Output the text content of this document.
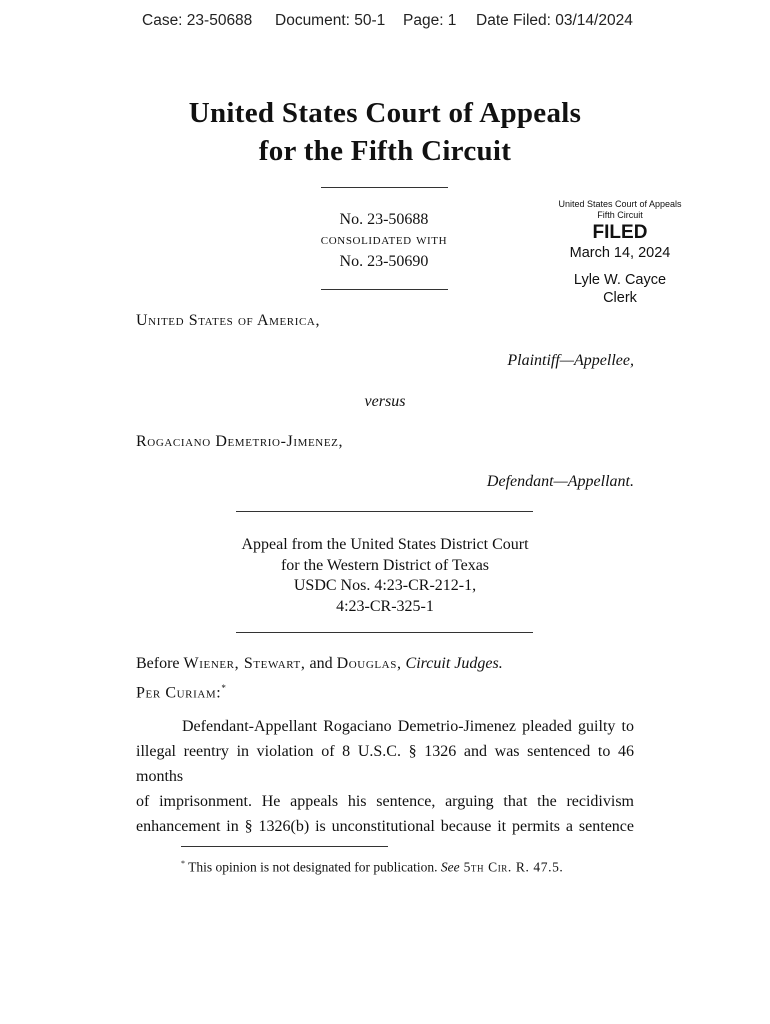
Case: 23-50688 Document: 50-1 Page: 1 Date Filed: 03/14/2024
United States Court of Appeals
for the Fifth Circuit
No. 23-50688
consolidated with
No. 23-50690
United States Court of Appeals
Fifth Circuit
FILED
March 14, 2024
Lyle W. Cayce
Clerk
United States of America,
Plaintiff—Appellee,
versus
Rogaciano Demetrio-Jimenez,
Defendant—Appellant.
Appeal from the United States District Court
for the Western District of Texas
USDC Nos. 4:23-CR-212-1,
4:23-CR-325-1
Before Wiener, Stewart, and Douglas, Circuit Judges.
Per Curiam:*
Defendant-Appellant Rogaciano Demetrio-Jimenez pleaded guilty to
illegal reentry in violation of 8 U.S.C. § 1326 and was sentenced to 46 months
of imprisonment. He appeals his sentence, arguing that the recidivism
enhancement in § 1326(b) is unconstitutional because it permits a sentence
* This opinion is not designated for publication. See 5th Cir. R. 47.5.
